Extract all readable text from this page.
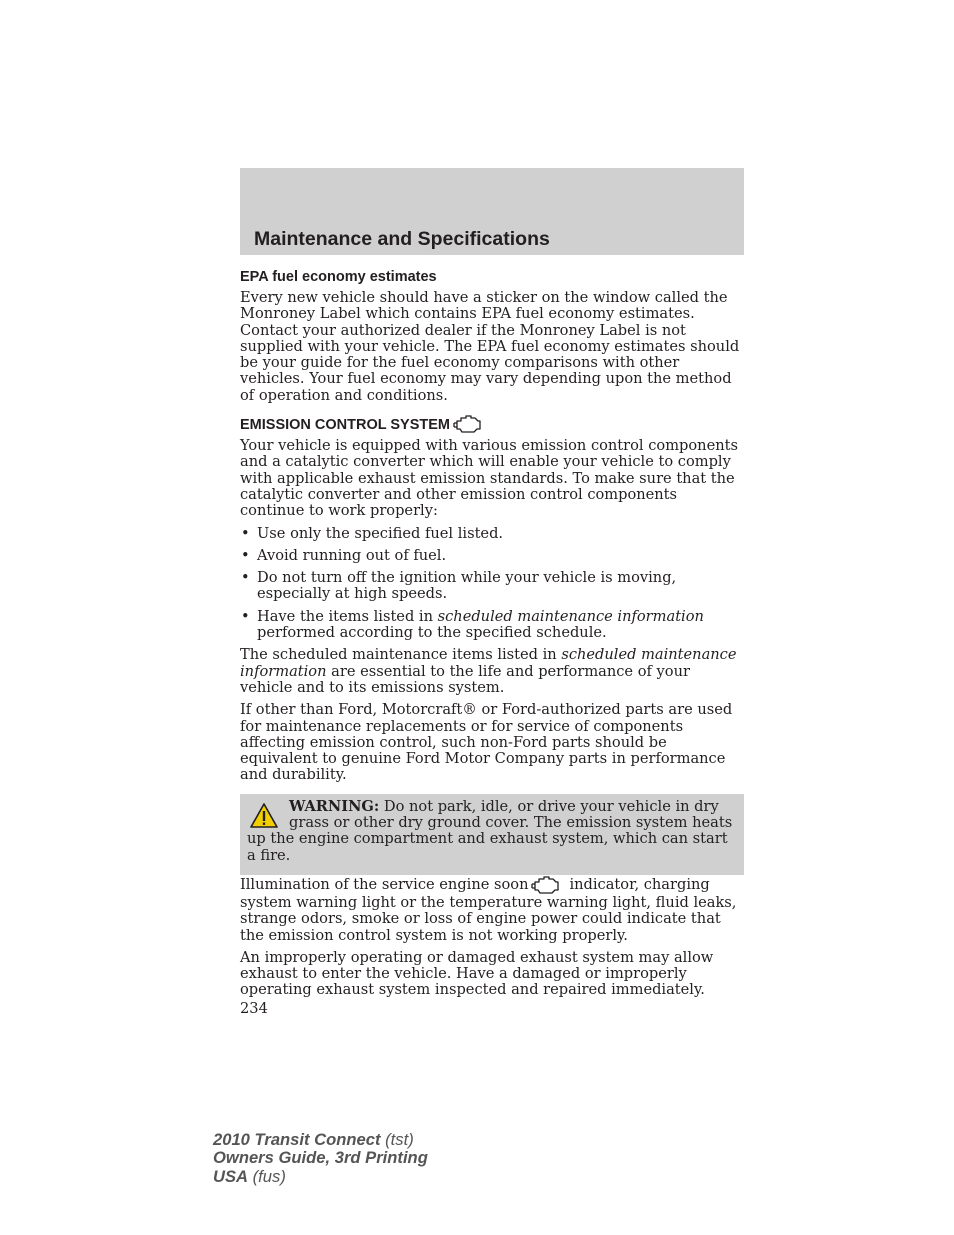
Maintenance and Specifications
EPA fuel economy estimates

Every new vehicle should have a sticker on the window called the Monroney Label which contains EPA fuel economy estimates. Contact your authorized dealer if the Monroney Label is not supplied with your vehicle. The EPA fuel economy estimates should be your guide for the fuel economy comparisons with other vehicles. Your fuel economy may vary depending upon the method of operation and conditions.

EMISSION CONTROL SYSTEM

Your vehicle is equipped with various emission control components and a catalytic converter which will enable your vehicle to comply with applicable exhaust emission standards. To make sure that the catalytic converter and other emission control components continue to work properly:

• Use only the specified fuel listed.
• Avoid running out of fuel.
• Do not turn off the ignition while your vehicle is moving, especially at high speeds.
• Have the items listed in scheduled maintenance information performed according to the specified schedule.

The scheduled maintenance items listed in scheduled maintenance information are essential to the life and performance of your vehicle and to its emissions system.

If other than Ford, Motorcraft® or Ford-authorized parts are used for maintenance replacements or for service of components affecting emission control, such non-Ford parts should be equivalent to genuine Ford Motor Company parts in performance and durability.

WARNING: Do not park, idle, or drive your vehicle in dry grass or other dry ground cover. The emission system heats up the engine compartment and exhaust system, which can start a fire.

Illumination of the service engine soon	indicator, charging system warning light or the temperature warning light, fluid leaks, strange odors, smoke or loss of engine power could indicate that the emission control system is not working properly.

An improperly operating or damaged exhaust system may allow exhaust to enter the vehicle. Have a damaged or improperly operating exhaust system inspected and repaired immediately.

234
2010 Transit Connect (tst)
Owners Guide, 3rd Printing
USA (fus)
